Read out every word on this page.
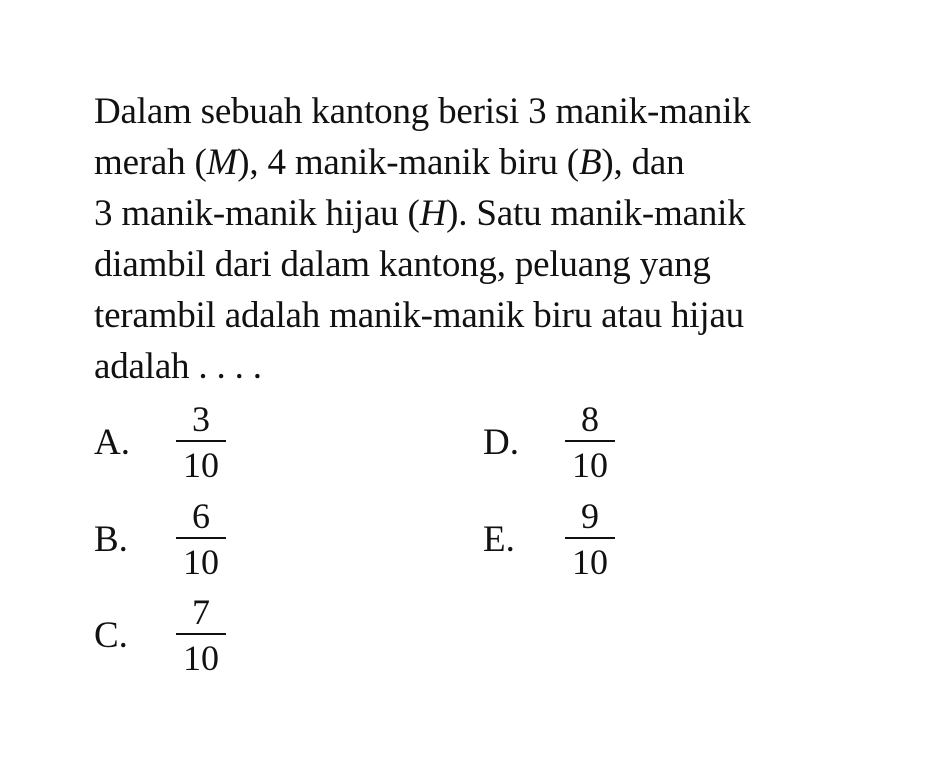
Dalam sebuah kantong berisi 3 manik-manik
merah (M), 4 manik-manik biru (B), dan
3 manik-manik hijau (H). Satu manik-manik
diambil dari dalam kantong, peluang yang
terambil adalah manik-manik biru atau hijau
adalah . . . .
A.	$\frac{3}{10}$
B.	$\frac{6}{10}$
C.	$\frac{7}{10}$
D.	$\frac{8}{10}$
E.	$\frac{9}{10}$
